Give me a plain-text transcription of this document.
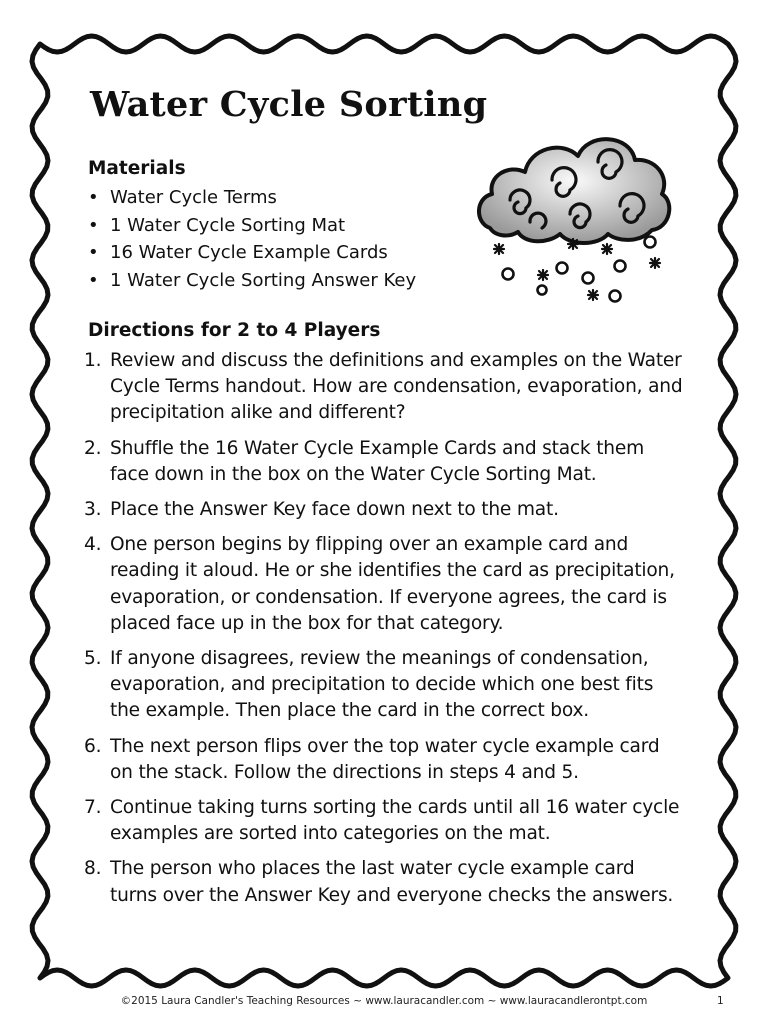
Water Cycle Sorting
Materials
• Water Cycle Terms
• 1 Water Cycle Sorting Mat
• 16 Water Cycle Example Cards
• 1 Water Cycle Sorting Answer Key
Directions for 2 to 4 Players
1. Review and discuss the definitions and examples on the Water Cycle Terms handout. How are condensation, evaporation, and precipitation alike and different?
2. Shuffle the 16 Water Cycle Example Cards and stack them face down in the box on the Water Cycle Sorting Mat.
3. Place the Answer Key face down next to the mat.
4. One person begins by flipping over an example card and reading it aloud. He or she identifies the card as precipitation, evaporation, or condensation. If everyone agrees, the card is placed face up in the box for that category.
5. If anyone disagrees, review the meanings of condensation, evaporation, and precipitation to decide which one best fits the example. Then place the card in the correct box.
6. The next person flips over the top water cycle example card on the stack. Follow the directions in steps 4 and 5.
7. Continue taking turns sorting the cards until all 16 water cycle examples are sorted into categories on the mat.
8. The person who places the last water cycle example card turns over the Answer Key and everyone checks the answers.
©2015 Laura Candler's Teaching Resources ~ www.lauracandler.com ~ www.lauracandlerontpt.com	1
